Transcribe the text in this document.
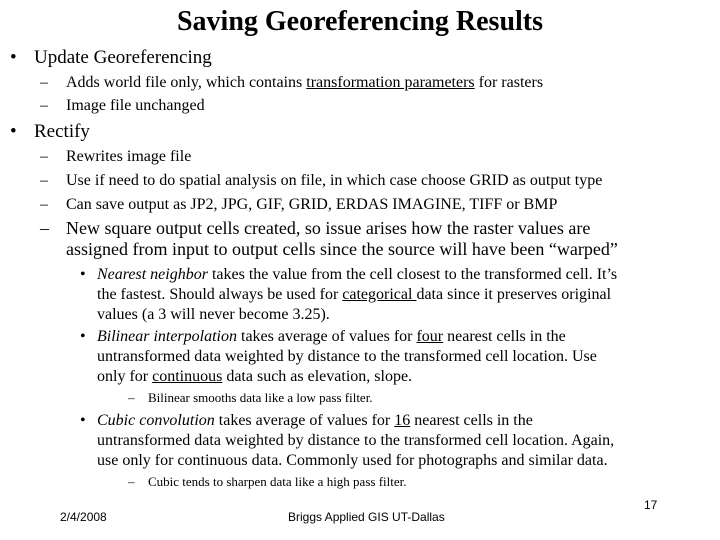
Saving Georeferencing Results
• Update Georeferencing
– Adds world file only, which contains transformation parameters for rasters
– Image file unchanged
• Rectify
– Rewrites image file
– Use if need to do spatial analysis on file, in which case choose GRID as output type
– Can save output as JP2, JPG, GIF, GRID, ERDAS IMAGINE, TIFF or BMP
– New square output cells created, so issue arises how the raster values are
assigned from input to output cells since the source will have been “warped”
• Nearest neighbor takes the value from the cell closest to the transformed cell. It’s
the fastest. Should always be used for categorical data since it preserves original
values (a 3 will never become 3.25).
• Bilinear interpolation takes average of values for four nearest cells in the
untransformed data weighted by distance to the transformed cell location. Use
only for continuous data such as elevation, slope.
– Bilinear smooths data like a low pass filter.
• Cubic convolution takes average of values for 16 nearest cells in the
untransformed data weighted by distance to the transformed cell location. Again,
use only for continuous data. Commonly used for photographs and similar data.
– Cubic tends to sharpen data like a high pass filter.
2/4/2008	Briggs Applied GIS UT-Dallas
17
